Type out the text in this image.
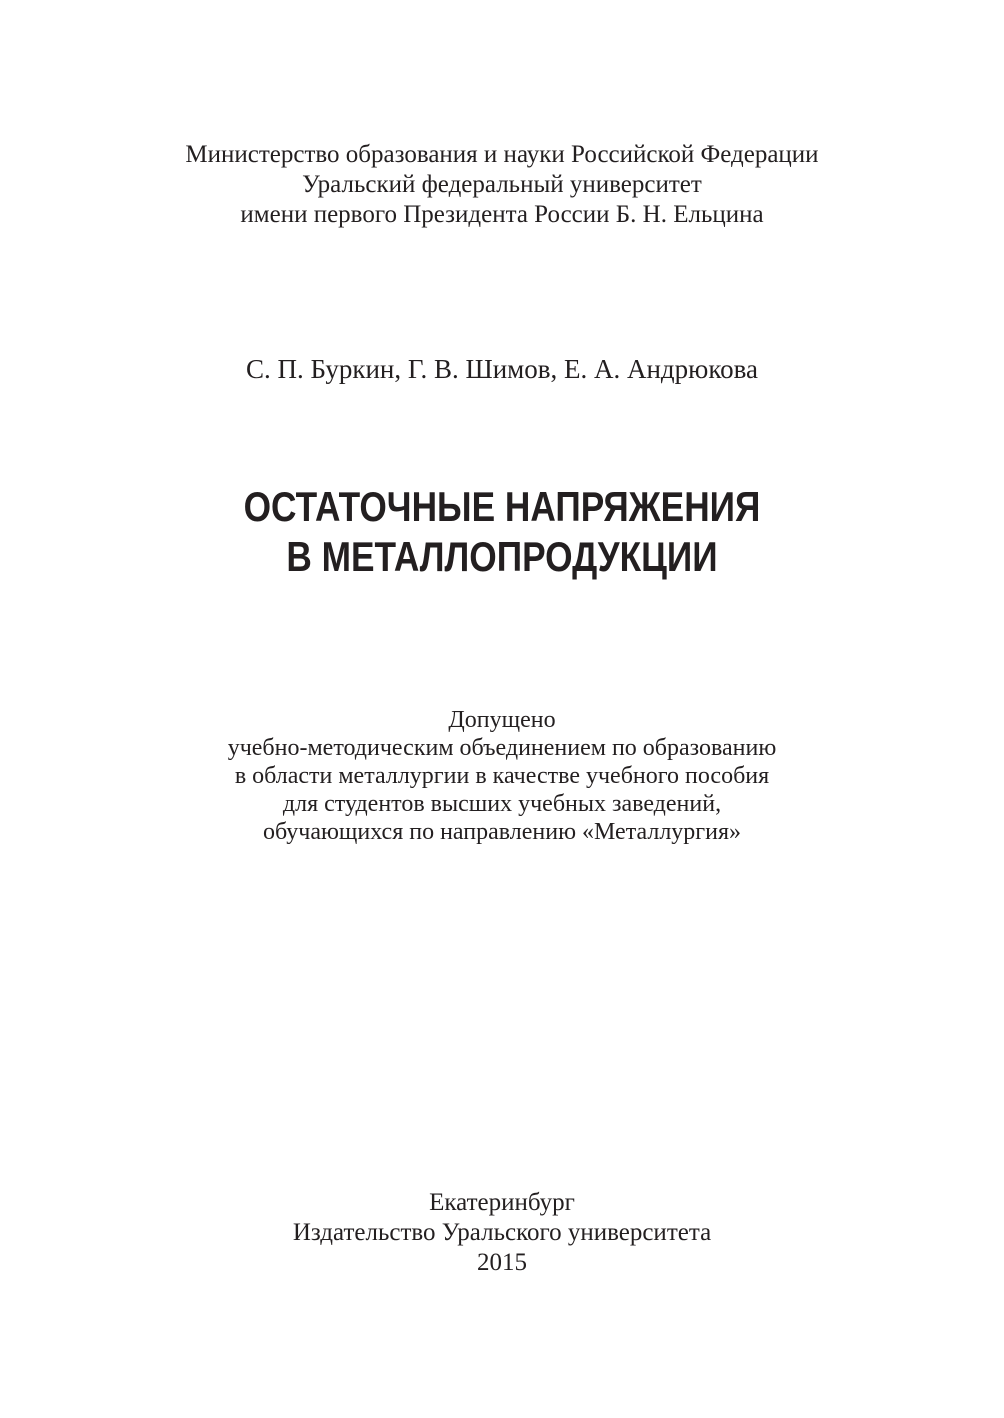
Министерство образования и науки Российской Федерации
Уральский федеральный университет
имени первого Президента России Б. Н. Ельцина
С. П. Буркин, Г. В. Шимов, Е. А. Андрюкова
ОСТАТОЧНЫЕ НАПРЯЖЕНИЯ
В МЕТАЛЛОПРОДУКЦИИ
Допущено
учебно-методическим объединением по образованию
в области металлургии в качестве учебного пособия
для студентов высших учебных заведений,
обучающихся по направлению «Металлургия»
Екатеринбург
Издательство Уральского университета
2015
